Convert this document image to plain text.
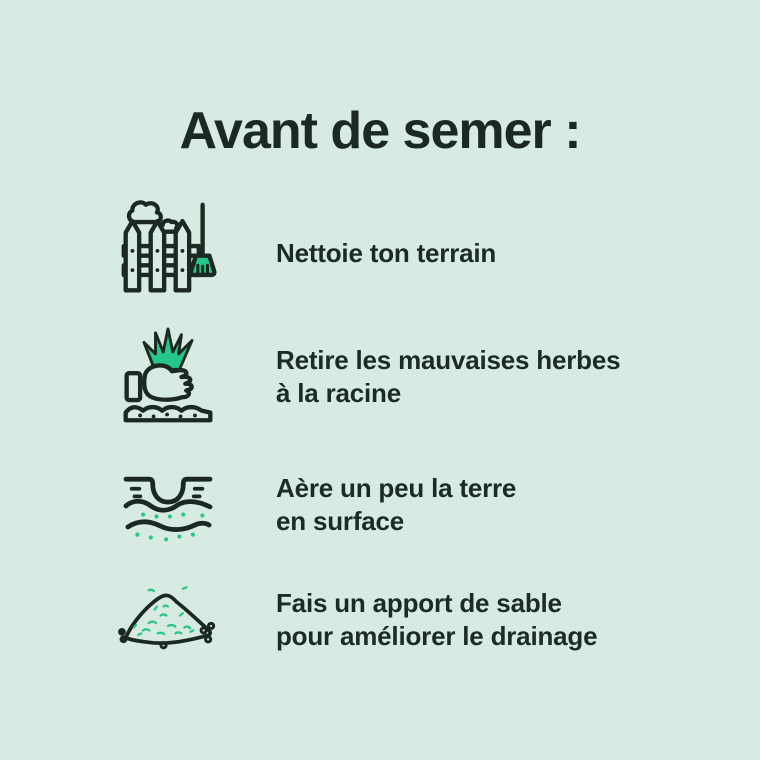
Avant de semer :
Nettoie ton terrain
Retire les mauvaises herbes
à la racine
Aère un peu la terre
en surface
Fais un apport de sable
pour améliorer le drainage
